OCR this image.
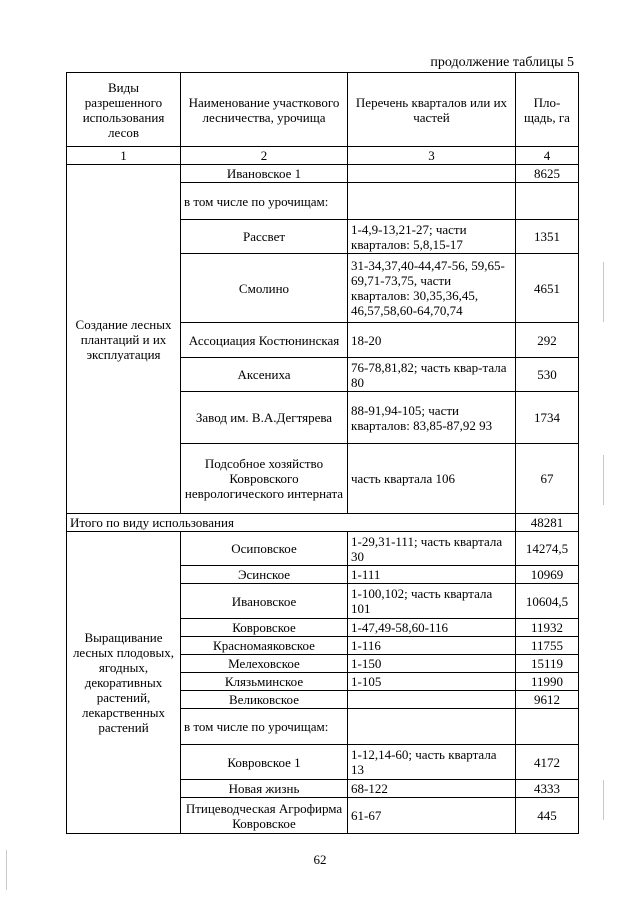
продолжение таблицы 5
Виды разрешенного использования лесов	Наименование участкового лесничества, урочища	Перечень кварталов или их частей	Пло-щадь, га
1	2	3	4
Создание лесных плантаций и их эксплуатация	Ивановское 1		8625
	в том числе по урочищам:		
	Рассвет	1-4,9-13,21-27; части кварталов: 5,8,15-17	1351
	Смолино	31-34,37,40-44,47-56, 59,65-69,71-73,75, части кварталов: 30,35,36,45, 46,57,58,60-64,70,74	4651
	Ассоциация Костюнинская	18-20	292
	Аксениха	76-78,81,82; часть квар-тала 80	530
	Завод им. В.А.Дегтярева	88-91,94-105; части кварталов: 83,85-87,92 93	1734
	Подсобное хозяйство Ковровского неврологического интерната	часть квартала 106	67
Итого по виду использования			48281
Выращивание лесных плодовых, ягодных, декоративных растений, лекарственных растений	Осиповское	1-29,31-111; часть квартала 30	14274,5
	Эсинское	1-111	10969
	Ивановское	1-100,102; часть квартала 101	10604,5
	Ковровское	1-47,49-58,60-116	11932
	Красномаяковское	1-116	11755
	Мелеховское	1-150	15119
	Клязьминское	1-105	11990
	Великовское		9612
	в том числе по урочищам:		
	Ковровское 1	1-12,14-60; часть квартала 13	4172
	Новая жизнь	68-122	4333
	Птицеводческая Агрофирма Ковровское	61-67	445
62
